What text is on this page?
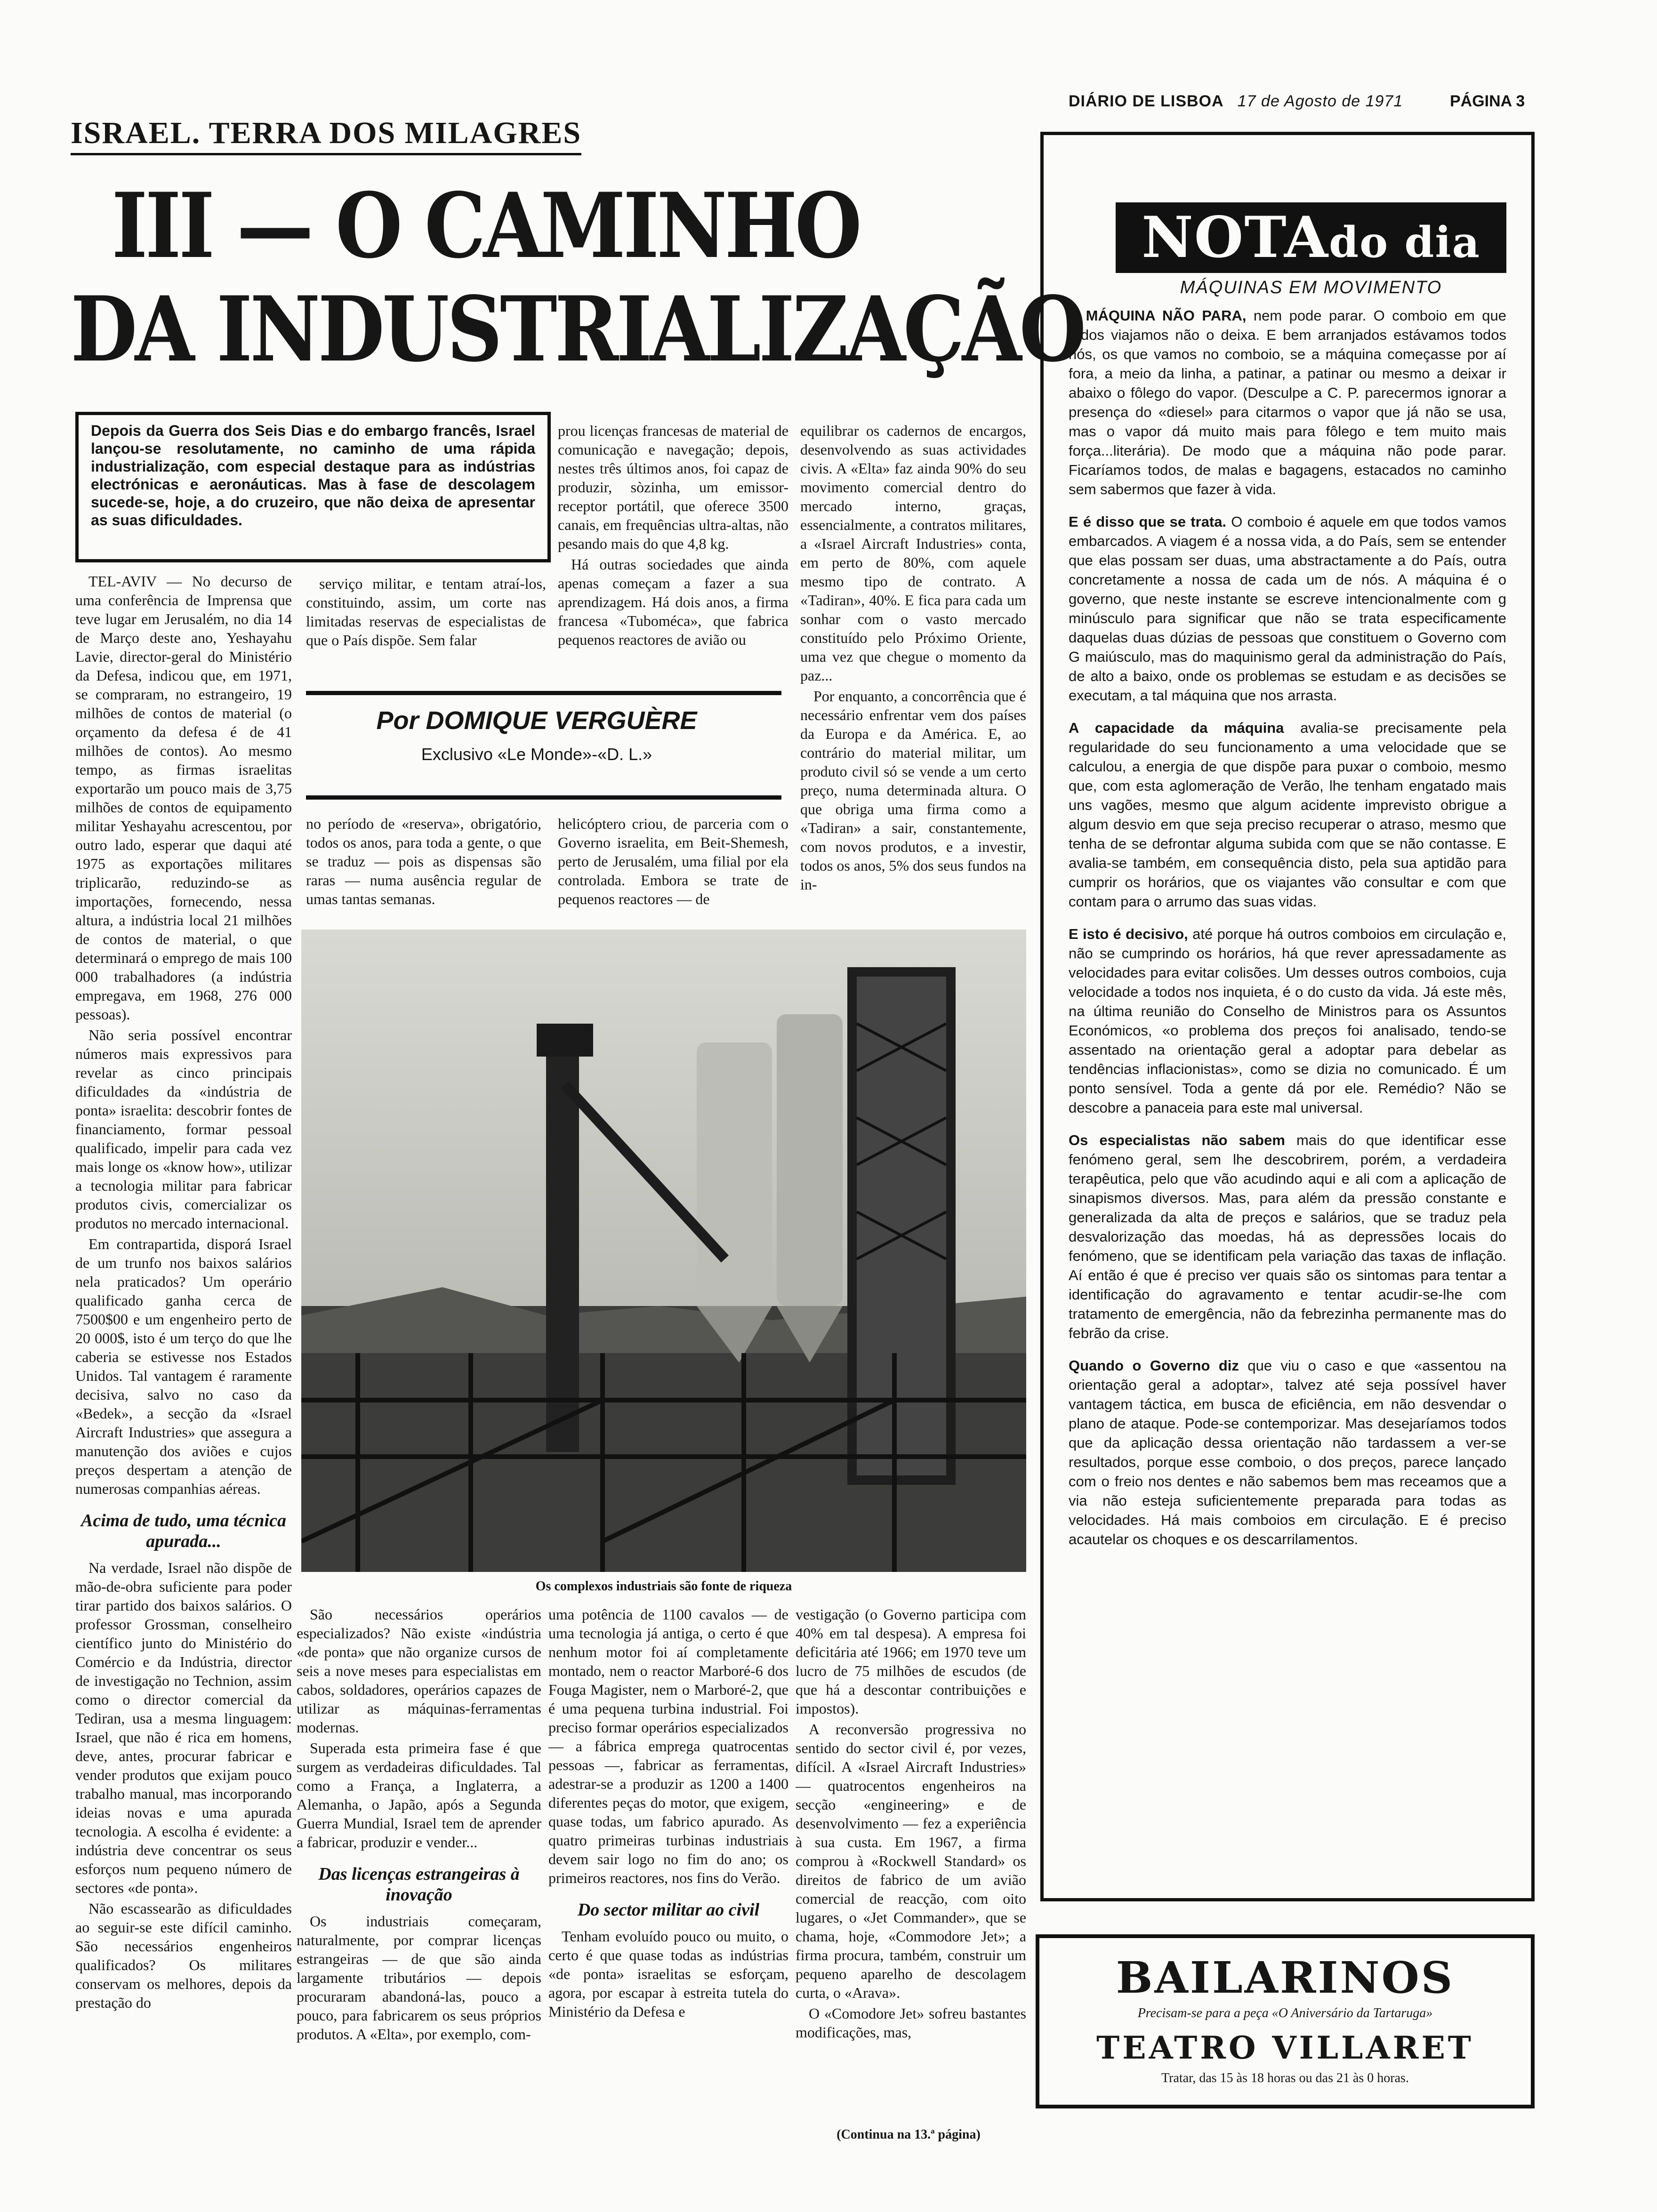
DIÁRIO DE LISBOA 17 de Agosto de 1971	PÁGINA 3
ISRAEL. TERRA DOS MILAGRES
III — O CAMINHO
DA INDUSTRIALIZAÇÃO
Depois da Guerra dos Seis Dias e do embargo francês, Israel lançou-se resolutamente, no caminho de uma rápida industrialização, com especial destaque para as indústrias electrónicas e aeronáuticas. Mas à fase de descolagem sucede-se, hoje, a do cruzeiro, que não deixa de apresentar as suas dificuldades.

TEL-AVIV — No decurso de uma conferência de Imprensa que teve lugar em Jerusalém, no dia 14 de Março deste ano, Yeshayahu Lavie, director-geral do Ministério da Defesa, indicou que, em 1971, se compraram, no estrangeiro, 19 milhões de contos de material (o orçamento da defesa é de 41 milhões de contos). Ao mesmo tempo, as firmas israelitas exportarão um pouco mais de 3,75 milhões de contos de equipamento militar Yeshayahu acrescentou, por outro lado, esperar que daqui até 1975 as exportações militares triplicarão, reduzindo-se as importações, fornecendo, nessa altura, a indústria local 21 milhões de contos de material, o que determinará o emprego de mais 100 000 trabalhadores (a indústria empregava, em 1968, 276 000 pessoas).

Não seria possível encontrar números mais expressivos para revelar as cinco principais dificuldades da «indústria de ponta» israelita: descobrir fontes de financiamento, formar pessoal qualificado, impelir para cada vez mais longe os «know how», utilizar a tecnologia militar para fabricar produtos civis, comercializar os produtos no mercado internacional.

Em contrapartida, disporá Israel de um trunfo nos baixos salários nela praticados? Um operário qualificado ganha cerca de 7500$00 e um engenheiro perto de 20 000$, isto é um terço do que lhe caberia se estivesse nos Estados Unidos. Tal vantagem é raramente decisiva, salvo no caso da «Bedek», a secção da «Israel Aircraft Industries» que assegura a manutenção dos aviões e cujos preços despertam a atenção de numerosas companhias aéreas.

Acima de tudo, uma técnica apurada...

Na verdade, Israel não dispõe de mão-de-obra suficiente para poder tirar partido dos baixos salários. O professor Grossman, conselheiro científico junto do Ministério do Comércio e da Indústria, director de investigação no Technion, assim como o director comercial da Tediran, usa a mesma linguagem: Israel, que não é rica em homens, deve, antes, procurar fabricar e vender produtos que exijam pouco trabalho manual, mas incorporando ideias novas e uma apurada tecnologia. A escolha é evidente: a indústria deve concentrar os seus esforços num pequeno número de sectores «de ponta».

Não escassearão as dificuldades ao seguir-se este difícil caminho. São necessários engenheiros qualificados? Os militares conservam os melhores, depois da prestação do

serviço militar, e tentam atraí-los, constituindo, assim, um corte nas limitadas reservas de especialistas de que o País dispõe. Sem falar

prou licenças francesas de material de comunicação e navegação; depois, nestes três últimos anos, foi capaz de produzir, sòzinha, um emissor-receptor portátil, que oferece 3500 canais, em frequências ultra-altas, não pesando mais do que 4,8 kg.

Há outras sociedades que ainda apenas começam a fazer a sua aprendizagem. Há dois anos, a firma francesa «Tuboméca», que fabrica pequenos reactores de avião ou

equilibrar os cadernos de encargos, desenvolvendo as suas actividades civis. A «Elta» faz ainda 90% do seu movimento comercial dentro do mercado interno, graças, essencialmente, a contratos militares, a «Israel Aircraft Industries» conta, em perto de 80%, com aquele mesmo tipo de contrato. A «Tadiran», 40%. E fica para cada um sonhar com o vasto mercado constituído pelo Próximo Oriente, uma vez que chegue o momento da paz...

Por enquanto, a concorrência que é necessário enfrentar vem dos países da Europa e da América. E, ao contrário do material militar, um produto civil só se vende a um certo preço, numa determinada altura. O que obriga uma firma como a «Tadiran» a sair, constantemente, com novos produtos, e a investir, todos os anos, 5% dos seus fundos na in-

Por DOMIQUE VERGUÈRE
Exclusivo «Le Monde»-«D. L.»

no período de «reserva», obrigatório, todos os anos, para toda a gente, o que se traduz — pois as dispensas são raras — numa ausência regular de umas tantas semanas.

helicóptero criou, de parceria com o Governo israelita, em Beit-Shemesh, perto de Jerusalém, uma filial por ela controlada. Embora se trate de pequenos reactores — de

Os complexos industriais são fonte de riqueza

São necessários operários especializados? Não existe «indústria «de ponta» que não organize cursos de seis a nove meses para especialistas em cabos, soldadores, operários capazes de utilizar as máquinas-ferramentas modernas.

Superada esta primeira fase é que surgem as verdadeiras dificuldades. Tal como a França, a Inglaterra, a Alemanha, o Japão, após a Segunda Guerra Mundial, Israel tem de aprender a fabricar, produzir e vender...

Das licenças estrangeiras à inovação

Os industriais começaram, naturalmente, por comprar licenças estrangeiras — de que são ainda largamente tributários — depois procuraram abandoná-las, pouco a pouco, para fabricarem os seus próprios produtos. A «Elta», por exemplo, com-

uma potência de 1100 cavalos — de uma tecnologia já antiga, o certo é que nenhum motor foi aí completamente montado, nem o reactor Marboré-6 dos Fouga Magister, nem o Marboré-2, que é uma pequena turbina industrial. Foi preciso formar operários especializados — a fábrica emprega quatrocentas pessoas —, fabricar as ferramentas, adestrar-se a produzir as 1200 a 1400 diferentes peças do motor, que exigem, quase todas, um fabrico apurado. As quatro primeiras turbinas industriais devem sair logo no fim do ano; os primeiros reactores, nos fins do Verão.

Do sector militar ao civil

Tenham evoluído pouco ou muito, o certo é que quase todas as indústrias «de ponta» israelitas se esforçam, agora, por escapar à estreita tutela do Ministério da Defesa e

vestigação (o Governo participa com 40% em tal despesa). A empresa foi deficitária até 1966; em 1970 teve um lucro de 75 milhões de escudos (de que há a descontar contribuições e impostos).

A reconversão progressiva no sentido do sector civil é, por vezes, difícil. A «Israel Aircraft Industries» — quatrocentos engenheiros na secção «engineering» e de desenvolvimento — fez a experiência à sua custa. Em 1967, a firma comprou à «Rockwell Standard» os direitos de fabrico de um avião comercial de reacção, com oito lugares, o «Jet Commander», que se chama, hoje, «Commodore Jet»; a firma procura, também, construir um pequeno aparelho de descolagem curta, o «Arava».

O «Comodore Jet» sofreu bastantes modificações, mas,

(Continua na 13.ª página)
NOTAdo dia
MÁQUINAS EM MOVIMENTO

A MÁQUINA NÃO PARA, nem pode parar. O comboio em que todos viajamos não o deixa. E bem arranjados estávamos todos nós, os que vamos no comboio, se a máquina começasse por aí fora, a meio da linha, a patinar, a patinar ou mesmo a deixar ir abaixo o fôlego do vapor. (Desculpe a C. P. parecermos ignorar a presença do «diesel» para citarmos o vapor que já não se usa, mas o vapor dá muito mais para fôlego e tem muito mais força...literária). De modo que a máquina não pode parar. Ficaríamos todos, de malas e bagagens, estacados no caminho sem sabermos que fazer à vida.

E é disso que se trata. O comboio é aquele em que todos vamos embarcados. A viagem é a nossa vida, a do País, sem se entender que elas possam ser duas, uma abstractamente a do País, outra concretamente a nossa de cada um de nós. A máquina é o governo, que neste instante se escreve intencionalmente com g minúsculo para significar que não se trata especificamente daquelas duas dúzias de pessoas que constituem o Governo com G maiúsculo, mas do maquinismo geral da administração do País, de alto a baixo, onde os problemas se estudam e as decisões se executam, a tal máquina que nos arrasta.

A capacidade da máquina avalia-se precisamente pela regularidade do seu funcionamento a uma velocidade que se calculou, a energia de que dispõe para puxar o comboio, mesmo que, com esta aglomeração de Verão, lhe tenham engatado mais uns vagões, mesmo que algum acidente imprevisto obrigue a algum desvio em que seja preciso recuperar o atraso, mesmo que tenha de se defrontar alguma subida com que se não contasse. E avalia-se também, em consequência disto, pela sua aptidão para cumprir os horários, que os viajantes vão consultar e com que contam para o arrumo das suas vidas.

E isto é decisivo, até porque há outros comboios em circulação e, não se cumprindo os horários, há que rever apressadamente as velocidades para evitar colisões. Um desses outros comboios, cuja velocidade a todos nos inquieta, é o do custo da vida. Já este mês, na última reunião do Conselho de Ministros para os Assuntos Económicos, «o problema dos preços foi analisado, tendo-se assentado na orientação geral a adoptar para debelar as tendências inflacionistas», como se dizia no comunicado. É um ponto sensível. Toda a gente dá por ele. Remédio? Não se descobre a panaceia para este mal universal.

Os especialistas não sabem mais do que identificar esse fenómeno geral, sem lhe descobrirem, porém, a verdadeira terapêutica, pelo que vão acudindo aqui e ali com a aplicação de sinapismos diversos. Mas, para além da pressão constante e generalizada da alta de preços e salários, que se traduz pela desvalorização das moedas, há as depressões locais do fenómeno, que se identificam pela variação das taxas de inflação. Aí então é que é preciso ver quais são os sintomas para tentar a identificação do agravamento e tentar acudir-se-lhe com tratamento de emergência, não da febrezinha permanente mas do febrão da crise.

Quando o Governo diz que viu o caso e que «assentou na orientação geral a adoptar», talvez até seja possível haver vantagem táctica, em busca de eficiência, em não desvendar o plano de ataque. Pode-se contemporizar. Mas desejaríamos todos que da aplicação dessa orientação não tardassem a ver-se resultados, porque esse comboio, o dos preços, parece lançado com o freio nos dentes e não sabemos bem mas receamos que a via não esteja suficientemente preparada para todas as velocidades. Há mais comboios em circulação. E é preciso acautelar os choques e os descarrilamentos.

BAILARINOS
Precisam-se para a peça «O Aniversário da Tartaruga»
TEATRO VILLARET
Tratar, das 15 às 18 horas ou das 21 às 0 horas.
